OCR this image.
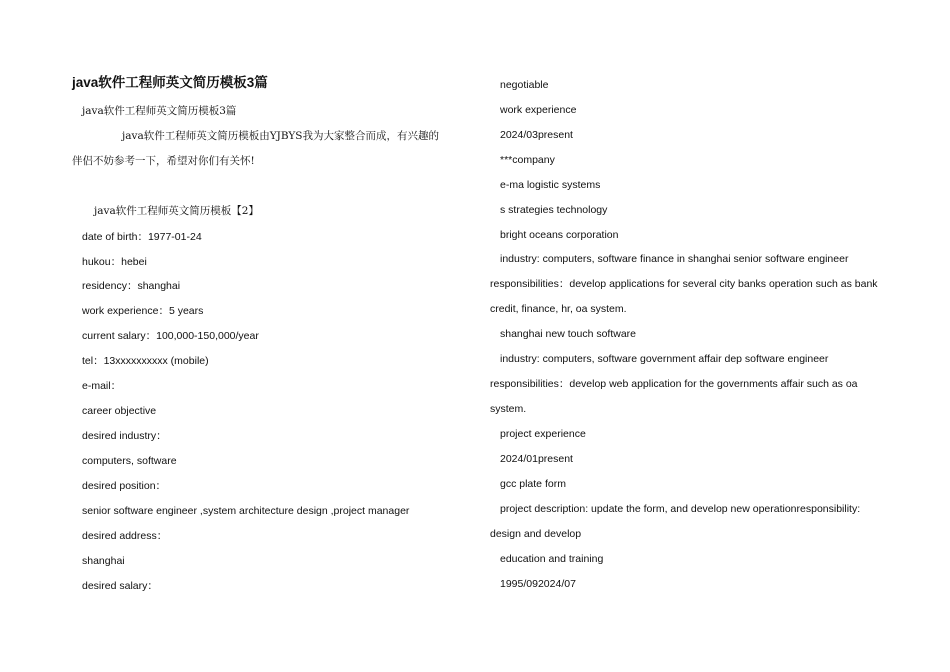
java软件工程师英文简历模板3篇
java软件工程师英文简历模板3篇
java软件工程师英文简历模板由YJBYS我为大家整合而成，有兴趣的
伴侣不妨参考一下，希望对你们有关怀!
java软件工程师英文简历模板【2】
date of birth：1977-01-24
hukou：hebei
residency：shanghai
work experience：5 years
current salary：100,000-150,000/year
tel：13xxxxxxxxxx (mobile)
e-mail：
career objective
desired industry：
computers, software
desired position：
senior software engineer ,system architecture design ,project manager
desired address：
shanghai
desired salary：
negotiable
work experience
2024/03present
***company
e-ma logistic systems
s strategies technology
bright oceans corporation
industry: computers, software finance in shanghai senior software engineer
responsibilities：develop applications for several city banks operation such as bank
credit, finance, hr, oa system.
shanghai new touch software
industry: computers, software government affair dep software engineer
responsibilities：develop web application for the governments affair such as oa
system.
project experience
2024/01present
gcc plate form
project description: update the form, and develop new operationresponsibility:
design and develop
education and training
1995/092024/07
